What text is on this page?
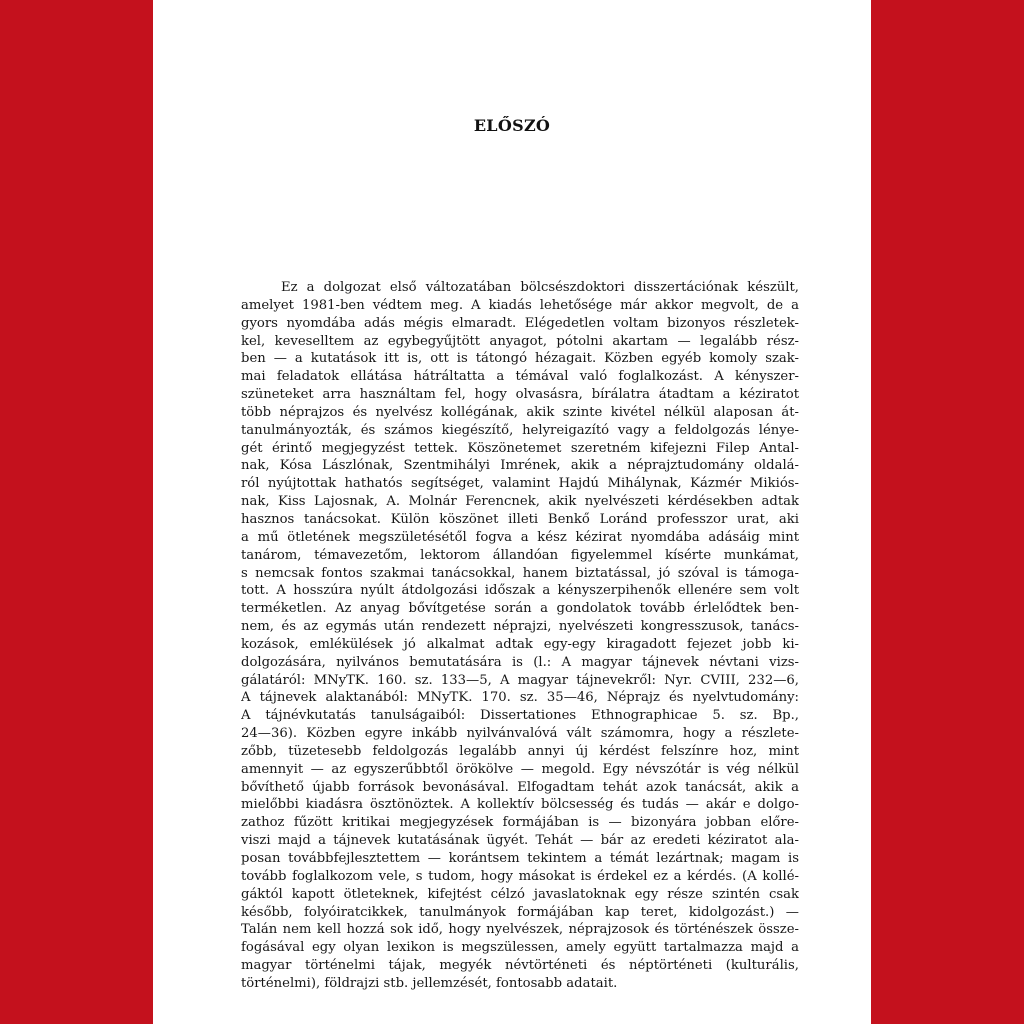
ELŐSZÓ
Ez a dolgozat első változatában bölcsészdoktori disszertációnak készült,
amelyet 1981-ben védtem meg. A kiadás lehetősége már akkor megvolt, de a
gyors nyomdába adás mégis elmaradt. Elégedetlen voltam bizonyos részletek-
kel, keveselltem az egybegyűjtött anyagot, pótolni akartam — legalább rész-
ben — a kutatások itt is, ott is tátongó hézagait. Közben egyéb komoly szak-
mai feladatok ellátása hátráltatta a témával való foglalkozást. A kényszer-
szüneteket arra használtam fel, hogy olvasásra, bírálatra átadtam a kéziratot
több néprajzos és nyelvész kollégának, akik szinte kivétel nélkül alaposan át-
tanulmányozták, és számos kiegészítő, helyreigazító vagy a feldolgozás lénye-
gét érintő megjegyzést tettek. Köszönetemet szeretném kifejezni Filep Antal-
nak, Kósa Lászlónak, Szentmihályi Imrének, akik a néprajztudomány oldalá-
ról nyújtottak hathatós segítséget, valamint Hajdú Mihálynak, Kázmér Mikiós-
nak, Kiss Lajosnak, A. Molnár Ferencnek, akik nyelvészeti kérdésekben adtak
hasznos tanácsokat. Külön köszönet illeti Benkő Loránd professzor urat, aki
a mű ötletének megszületésétől fogva a kész kézirat nyomdába adásáig mint
tanárom, témavezetőm, lektorom állandóan figyelemmel kísérte munkámat,
s nemcsak fontos szakmai tanácsokkal, hanem biztatással, jó szóval is támoga-
tott. A hosszúra nyúlt átdolgozási időszak a kényszerpihenők ellenére sem volt
terméketlen. Az anyag bővítgetése során a gondolatok tovább érlelődtek ben-
nem, és az egymás után rendezett néprajzi, nyelvészeti kongresszusok, tanács-
kozások, emlékülések jó alkalmat adtak egy-egy kiragadott fejezet jobb ki-
dolgozására, nyilvános bemutatására is (l.: A magyar tájnevek névtani vizs-
gálatáról: MNyTK. 160. sz. 133—5, A magyar tájnevekről: Nyr. CVIII, 232—6,
A tájnevek alaktanából: MNyTK. 170. sz. 35—46, Néprajz és nyelvtudomány:
A tájnévkutatás tanulságaiból: Dissertationes Ethnographicae 5. sz. Bp.,
24—36). Közben egyre inkább nyilvánvalóvá vált számomra, hogy a részlete-
zőbb, tüzetesebb feldolgozás legalább annyi új kérdést felszínre hoz, mint
amennyit — az egyszerűbbtől örökölve — megold. Egy névszótár is vég nélkül
bővíthető újabb források bevonásával. Elfogadtam tehát azok tanácsát, akik a
mielőbbi kiadásra ösztönöztek. A kollektív bölcsesség és tudás — akár e dolgo-
zathoz fűzött kritikai megjegyzések formájában is — bizonyára jobban előre-
viszi majd a tájnevek kutatásának ügyét. Tehát — bár az eredeti kéziratot ala-
posan továbbfejlesztettem — korántsem tekintem a témát lezártnak; magam is
tovább foglalkozom vele, s tudom, hogy másokat is érdekel ez a kérdés. (A kollé-
gáktól kapott ötleteknek, kifejtést célzó javaslatoknak egy része szintén csak
később, folyóiratcikkek, tanulmányok formájában kap teret, kidolgozást.) —
Talán nem kell hozzá sok idő, hogy nyelvészek, néprajzosok és történészek össze-
fogásával egy olyan lexikon is megszülessen, amely együtt tartalmazza majd a
magyar történelmi tájak, megyék névtörténeti és néptörténeti (kulturális,
történelmi), földrajzi stb. jellemzését, fontosabb adatait.
